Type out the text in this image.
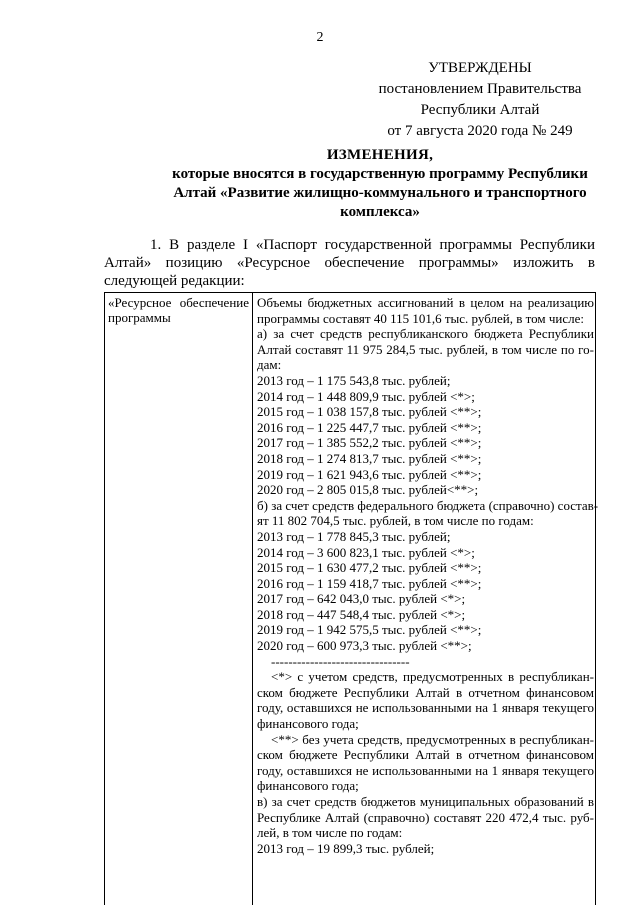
2
УТВЕРЖДЕНЫ
постановлением Правительства
Республики Алтай
от 7 августа 2020 года № 249
ИЗМЕНЕНИЯ,
которые вносятся в государственную программу Республики
Алтай «Развитие жилищно-коммунального и транспортного
комплекса»
1. В разделе I «Паспорт государственной программы Республики
Алтай» позицию «Ресурсное обеспечение программы» изложить в
следующей редакции:
«Ресурсное обеспечение
программы
Объемы бюджетных ассигнований в целом на реализацию
программы составят 40 115 101,6 тыс. рублей, в том числе:
а) за счет средств республиканского бюджета Республики
Алтай составят 11 975 284,5 тыс. рублей, в том числе по го-
дам:
2013 год – 1 175 543,8 тыс. рублей;
2014 год – 1 448 809,9 тыс. рублей <*>;
2015 год – 1 038 157,8 тыс. рублей <**>;
2016 год – 1 225 447,7 тыс. рублей <**>;
2017 год – 1 385 552,2 тыс. рублей <**>;
2018 год – 1 274 813,7 тыс. рублей <**>;
2019 год – 1 621 943,6 тыс. рублей <**>;
2020 год – 2 805 015,8 тыс. рублей<**>;
б) за счет средств федерального бюджета (справочно) состав-
ят 11 802 704,5 тыс. рублей, в том числе по годам:
2013 год – 1 778 845,3 тыс. рублей;
2014 год – 3 600 823,1 тыс. рублей <*>;
2015 год – 1 630 477,2 тыс. рублей <**>;
2016 год – 1 159 418,7 тыс. рублей <**>;
2017 год – 642 043,0 тыс. рублей <*>;
2018 год – 447 548,4 тыс. рублей <*>;
2019 год – 1 942 575,5 тыс. рублей <**>;
2020 год – 600 973,3 тыс. рублей <**>;
--------------------------------
<*> с учетом средств, предусмотренных в республикан-
ском бюджете Республики Алтай в отчетном финансовом
году, оставшихся не использованными на 1 января текущего
финансового года;
<**> без учета средств, предусмотренных в республикан-
ском бюджете Республики Алтай в отчетном финансовом
году, оставшихся не использованными на 1 января текущего
финансового года;
в) за счет средств бюджетов муниципальных образований в
Республике Алтай (справочно) составят 220 472,4 тыс. руб-
лей, в том числе по годам:
2013 год – 19 899,3 тыс. рублей;
